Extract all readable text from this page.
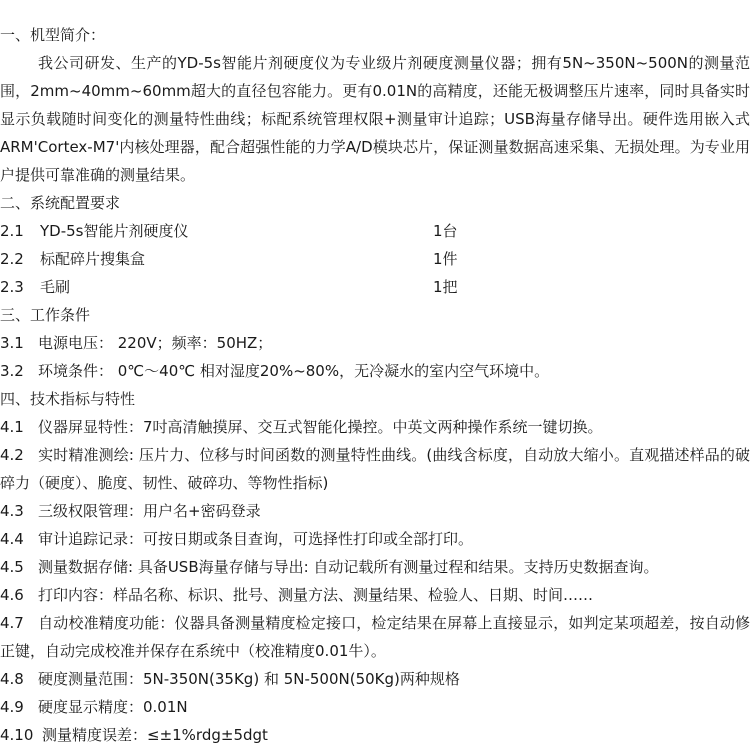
一、机型简介：
我公司研发、生产的YD-5s智能片剂硬度仪为专业级片剂硬度测量仪器；拥有5N~350N~500N的测量范围，2mm~40mm~60mm超大的直径包容能力。更有0.01N的高精度，还能无极调整压片速率，同时具备实时显示负载随时间变化的测量特性曲线；标配系统管理权限+测量审计追踪；USB海量存储导出。硬件选用嵌入式ARM'Cortex-M7'内核处理器，配合超强性能的力学A/D模块芯片，保证测量数据高速采集、无损处理。为专业用户提供可靠准确的测量结果。
二、系统配置要求
2.1 YD-5s智能片剂硬度仪	1台
2.2 标配碎片搜集盒	1件
2.3 毛刷	1把
三、工作条件
3.1 电源电压： 220V；频率：50HZ；
3.2 环境条件： 0℃～40℃ 相对湿度20%~80%，无冷凝水的室内空气环境中。
四、技术指标与特性
4.1 仪器屏显特性：7吋高清触摸屏、交互式智能化操控。中英文两种操作系统一键切换。
4.2 实时精准测绘: 压片力、位移与时间函数的测量特性曲线。(曲线含标度，自动放大缩小。直观描述样品的破碎力（硬度）、脆度、韧性、破碎功、等物性指标)
4.3 三级权限管理：用户名+密码登录
4.4 审计追踪记录：可按日期或条目查询，可选择性打印或全部打印。
4.5 测量数据存储: 具备USB海量存储与导出: 自动记载所有测量过程和结果。支持历史数据查询。
4.6 打印内容：样品名称、标识、批号、测量方法、测量结果、检验人、日期、时间……
4.7 自动校准精度功能：仪器具备测量精度检定接口，检定结果在屏幕上直接显示，如判定某项超差，按自动修正键，自动完成校准并保存在系统中（校准精度0.01牛）。
4.8 硬度测量范围：5N-350N(35Kg) 和 5N-500N(50Kg)两种规格
4.9 硬度显示精度：0.01N
4.10 测量精度误差：≤±1%rdg±5dgt
